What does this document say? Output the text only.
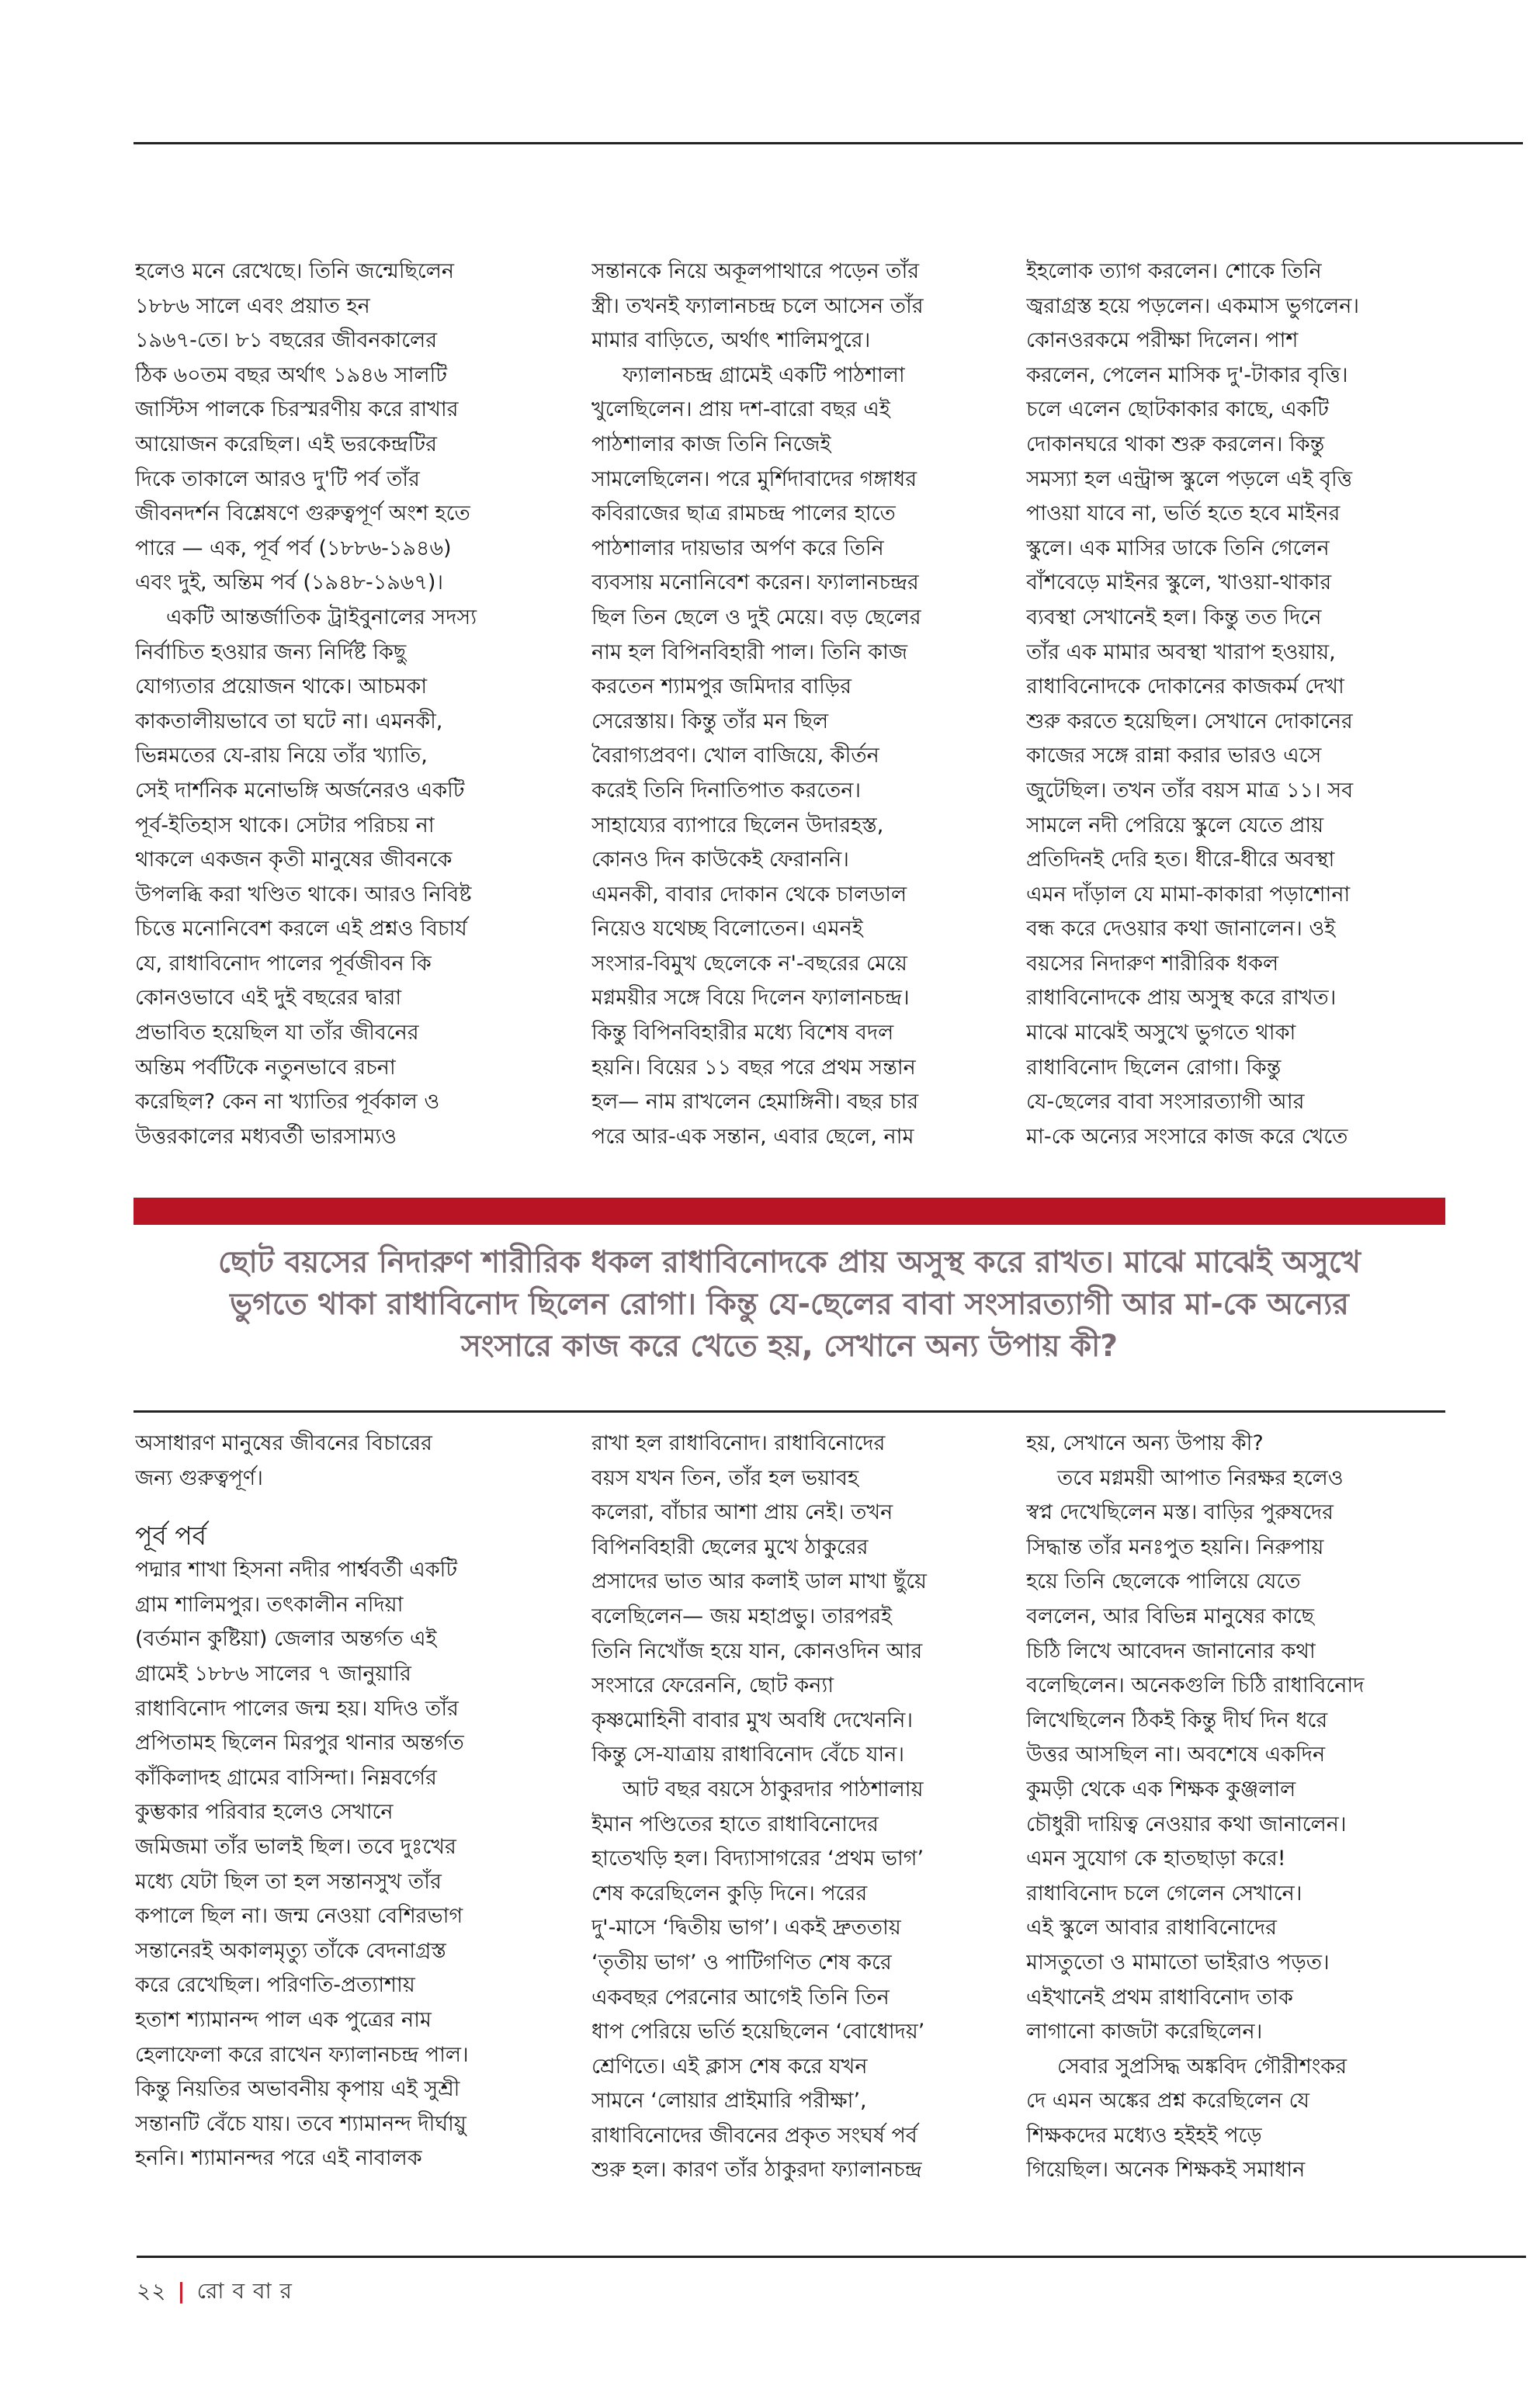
হলেও মনে রেখেছে। তিনি জন্মেছিলেন
১৮৮৬ সালে এবং প্রয়াত হন
১৯৬৭-তে। ৮১ বছরের জীবনকালের
ঠিক ৬০তম বছর অর্থাৎ ১৯৪৬ সালটি
জাস্টিস পালকে চিরস্মরণীয় করে রাখার
আয়োজন করেছিল। এই ভরকেন্দ্রটির
দিকে তাকালে আরও দু'টি পর্ব তাঁর
জীবনদর্শন বিশ্লেষণে গুরুত্বপূর্ণ অংশ হতে
পারে — এক, পূর্ব পর্ব (১৮৮৬-১৯৪৬)
এবং দুই, অন্তিম পর্ব (১৯৪৮-১৯৬৭)।
একটি আন্তর্জাতিক ট্রাইবুনালের সদস্য
নির্বাচিত হওয়ার জন্য নির্দিষ্ট কিছু
যোগ্যতার প্রয়োজন থাকে। আচমকা
কাকতালীয়ভাবে তা ঘটে না। এমনকী,
ভিন্নমতের যে-রায় নিয়ে তাঁর খ্যাতি,
সেই দার্শনিক মনোভঙ্গি অর্জনেরও একটি
পূর্ব-ইতিহাস থাকে। সেটার পরিচয় না
থাকলে একজন কৃতী মানুষের জীবনকে
উপলব্ধি করা খণ্ডিত থাকে। আরও নিবিষ্ট
চিত্তে মনোনিবেশ করলে এই প্রশ্নও বিচার্য
যে, রাধাবিনোদ পালের পূর্বজীবন কি
কোনওভাবে এই দুই বছরের দ্বারা
প্রভাবিত হয়েছিল যা তাঁর জীবনের
অন্তিম পর্বটিকে নতুনভাবে রচনা
করেছিল? কেন না খ্যাতির পূর্বকাল ও
উত্তরকালের মধ্যবর্তী ভারসাম্যও
সন্তানকে নিয়ে অকূলপাথারে পড়েন তাঁর
স্ত্রী। তখনই ফ্যালানচন্দ্র চলে আসেন তাঁর
মামার বাড়িতে, অর্থাৎ শালিমপুরে।
ফ্যালানচন্দ্র গ্রামেই একটি পাঠশালা
খুলেছিলেন। প্রায় দশ-বারো বছর এই
পাঠশালার কাজ তিনি নিজেই
সামলেছিলেন। পরে মুর্শিদাবাদের গঙ্গাধর
কবিরাজের ছাত্র রামচন্দ্র পালের হাতে
পাঠশালার দায়ভার অর্পণ করে তিনি
ব্যবসায় মনোনিবেশ করেন। ফ্যালানচন্দ্রর
ছিল তিন ছেলে ও দুই মেয়ে। বড় ছেলের
নাম হল বিপিনবিহারী পাল। তিনি কাজ
করতেন শ্যামপুর জমিদার বাড়ির
সেরেস্তায়। কিন্তু তাঁর মন ছিল
বৈরাগ্যপ্রবণ। খোল বাজিয়ে, কীর্তন
করেই তিনি দিনাতিপাত করতেন।
সাহায্যের ব্যাপারে ছিলেন উদারহস্ত,
কোনও দিন কাউকেই ফেরাননি।
এমনকী, বাবার দোকান থেকে চালডাল
নিয়েও যথেচ্ছ বিলোতেন। এমনই
সংসার-বিমুখ ছেলেকে ন'-বছরের মেয়ে
মগ্নময়ীর সঙ্গে বিয়ে দিলেন ফ্যালানচন্দ্র।
কিন্তু বিপিনবিহারীর মধ্যে বিশেষ বদল
হয়নি। বিয়ের ১১ বছর পরে প্রথম সন্তান
হল— নাম রাখলেন হেমাঙ্গিনী। বছর চার
পরে আর-এক সন্তান, এবার ছেলে, নাম
ইহলোক ত্যাগ করলেন। শোকে তিনি
জ্বরাগ্রস্ত হয়ে পড়লেন। একমাস ভুগলেন।
কোনওরকমে পরীক্ষা দিলেন। পাশ
করলেন, পেলেন মাসিক দু'-টাকার বৃত্তি।
চলে এলেন ছোটকাকার কাছে, একটি
দোকানঘরে থাকা শুরু করলেন। কিন্তু
সমস্যা হল এন্ট্রান্স স্কুলে পড়লে এই বৃত্তি
পাওয়া যাবে না, ভর্তি হতে হবে মাইনর
স্কুলে। এক মাসির ডাকে তিনি গেলেন
বাঁশবেড়ে মাইনর স্কুলে, খাওয়া-থাকার
ব্যবস্থা সেখানেই হল। কিন্তু তত দিনে
তাঁর এক মামার অবস্থা খারাপ হওয়ায়,
রাধাবিনোদকে দোকানের কাজকর্ম দেখা
শুরু করতে হয়েছিল। সেখানে দোকানের
কাজের সঙ্গে রান্না করার ভারও এসে
জুটেছিল। তখন তাঁর বয়স মাত্র ১১। সব
সামলে নদী পেরিয়ে স্কুলে যেতে প্রায়
প্রতিদিনই দেরি হত। ধীরে-ধীরে অবস্থা
এমন দাঁড়াল যে মামা-কাকারা পড়াশোনা
বন্ধ করে দেওয়ার কথা জানালেন। ওই
বয়সের নিদারুণ শারীরিক ধকল
রাধাবিনোদকে প্রায় অসুস্থ করে রাখত।
মাঝে মাঝেই অসুখে ভুগতে থাকা
রাধাবিনোদ ছিলেন রোগা। কিন্তু
যে-ছেলের বাবা সংসারত্যাগী আর
মা-কে অন্যের সংসারে কাজ করে খেতে
ছোট বয়সের নিদারুণ শারীরিক ধকল রাধাবিনোদকে প্রায় অসুস্থ করে রাখত। মাঝে মাঝেই অসুখে
ভুগতে থাকা রাধাবিনোদ ছিলেন রোগা। কিন্তু যে-ছেলের বাবা সংসারত্যাগী আর মা-কে অন্যের
সংসারে কাজ করে খেতে হয়, সেখানে অন্য উপায় কী?
অসাধারণ মানুষের জীবনের বিচারের
জন্য গুরুত্বপূর্ণ।
পূর্ব পর্ব
পদ্মার শাখা হিসনা নদীর পার্শ্ববর্তী একটি
গ্রাম শালিমপুর। তৎকালীন নদিয়া
(বর্তমান কুষ্টিয়া) জেলার অন্তর্গত এই
গ্রামেই ১৮৮৬ সালের ৭ জানুয়ারি
রাধাবিনোদ পালের জন্ম হয়। যদিও তাঁর
প্রপিতামহ ছিলেন মিরপুর থানার অন্তর্গত
কাঁকিলাদহ গ্রামের বাসিন্দা। নিম্নবর্গের
কুম্ভকার পরিবার হলেও সেখানে
জমিজমা তাঁর ভালই ছিল। তবে দুঃখের
মধ্যে যেটা ছিল তা হল সন্তানসুখ তাঁর
কপালে ছিল না। জন্ম নেওয়া বেশিরভাগ
সন্তানেরই অকালমৃত্যু তাঁকে বেদনাগ্রস্ত
করে রেখেছিল। পরিণতি-প্রত্যাশায়
হতাশ শ্যামানন্দ পাল এক পুত্রের নাম
হেলাফেলা করে রাখেন ফ্যালানচন্দ্র পাল।
কিন্তু নিয়তির অভাবনীয় কৃপায় এই সুশ্রী
সন্তানটি বেঁচে যায়। তবে শ্যামানন্দ দীর্ঘায়ু
হননি। শ্যামানন্দর পরে এই নাবালক
রাখা হল রাধাবিনোদ। রাধাবিনোদের
বয়স যখন তিন, তাঁর হল ভয়াবহ
কলেরা, বাঁচার আশা প্রায় নেই। তখন
বিপিনবিহারী ছেলের মুখে ঠাকুরের
প্রসাদের ভাত আর কলাই ডাল মাখা ছুঁয়ে
বলেছিলেন— জয় মহাপ্রভু। তারপরই
তিনি নিখোঁজ হয়ে যান, কোনওদিন আর
সংসারে ফেরেননি, ছোট কন্যা
কৃষ্ণমোহিনী বাবার মুখ অবধি দেখেননি।
কিন্তু সে-যাত্রায় রাধাবিনোদ বেঁচে যান।
আট বছর বয়সে ঠাকুরদার পাঠশালায়
ইমান পণ্ডিতের হাতে রাধাবিনোদের
হাতেখড়ি হল। বিদ্যাসাগরের ‘প্রথম ভাগ’
শেষ করেছিলেন কুড়ি দিনে। পরের
দু'-মাসে ‘দ্বিতীয় ভাগ’। একই দ্রুততায়
‘তৃতীয় ভাগ’ ও পাটিগণিত শেষ করে
একবছর পেরনোর আগেই তিনি তিন
ধাপ পেরিয়ে ভর্তি হয়েছিলেন ‘বোধোদয়’
শ্রেণিতে। এই ক্লাস শেষ করে যখন
সামনে ‘লোয়ার প্রাইমারি পরীক্ষা’,
রাধাবিনোদের জীবনের প্রকৃত সংঘর্ষ পর্ব
শুরু হল। কারণ তাঁর ঠাকুরদা ফ্যালানচন্দ্র
হয়, সেখানে অন্য উপায় কী?
তবে মগ্নময়ী আপাত নিরক্ষর হলেও
স্বপ্ন দেখেছিলেন মস্ত। বাড়ির পুরুষদের
সিদ্ধান্ত তাঁর মনঃপুত হয়নি। নিরুপায়
হয়ে তিনি ছেলেকে পালিয়ে যেতে
বললেন, আর বিভিন্ন মানুষের কাছে
চিঠি লিখে আবেদন জানানোর কথা
বলেছিলেন। অনেকগুলি চিঠি রাধাবিনোদ
লিখেছিলেন ঠিকই কিন্তু দীর্ঘ দিন ধরে
উত্তর আসছিল না। অবশেষে একদিন
কুমড়ী থেকে এক শিক্ষক কুঞ্জলাল
চৌধুরী দায়িত্ব নেওয়ার কথা জানালেন।
এমন সুযোগ কে হাতছাড়া করে!
রাধাবিনোদ চলে গেলেন সেখানে।
এই স্কুলে আবার রাধাবিনোদের
মাসতুতো ও মামাতো ভাইরাও পড়ত।
এইখানেই প্রথম রাধাবিনোদ তাক
লাগানো কাজটা করেছিলেন।
সেবার সুপ্রসিদ্ধ অঙ্কবিদ গৌরীশংকর
দে এমন অঙ্কের প্রশ্ন করেছিলেন যে
শিক্ষকদের মধ্যেও হইহই পড়ে
গিয়েছিল। অনেক শিক্ষকই সমাধান
২২ | রো ব বা র
